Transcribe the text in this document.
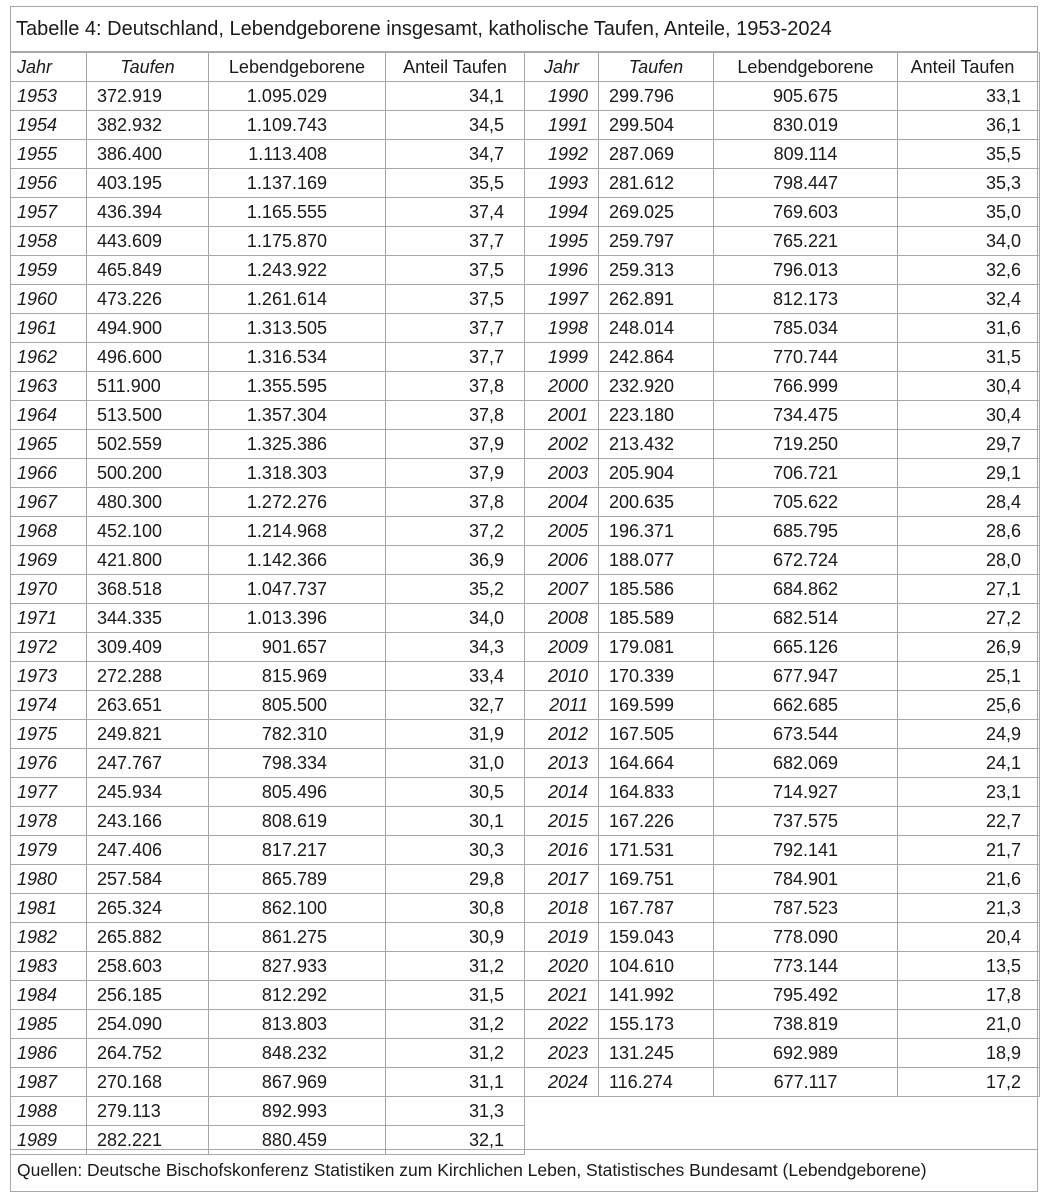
Tabelle 4: Deutschland, Lebendgeborene insgesamt, katholische Taufen, Anteile, 1953-2024
Jahr	Taufen	Lebendgeborene	Anteil Taufen
1953	372.919	1.095.029	34,1
1954	382.932	1.109.743	34,5
1955	386.400	1.113.408	34,7
1956	403.195	1.137.169	35,5
1957	436.394	1.165.555	37,4
1958	443.609	1.175.870	37,7
1959	465.849	1.243.922	37,5
1960	473.226	1.261.614	37,5
1961	494.900	1.313.505	37,7
1962	496.600	1.316.534	37,7
1963	511.900	1.355.595	37,8
1964	513.500	1.357.304	37,8
1965	502.559	1.325.386	37,9
1966	500.200	1.318.303	37,9
1967	480.300	1.272.276	37,8
1968	452.100	1.214.968	37,2
1969	421.800	1.142.366	36,9
1970	368.518	1.047.737	35,2
1971	344.335	1.013.396	34,0
1972	309.409	901.657	34,3
1973	272.288	815.969	33,4
1974	263.651	805.500	32,7
1975	249.821	782.310	31,9
1976	247.767	798.334	31,0
1977	245.934	805.496	30,5
1978	243.166	808.619	30,1
1979	247.406	817.217	30,3
1980	257.584	865.789	29,8
1981	265.324	862.100	30,8
1982	265.882	861.275	30,9
1983	258.603	827.933	31,2
1984	256.185	812.292	31,5
1985	254.090	813.803	31,2
1986	264.752	848.232	31,2
1987	270.168	867.969	31,1
1988	279.113	892.993	31,3
1989	282.221	880.459	32,1
Jahr	Taufen	Lebendgeborene	Anteil Taufen
1990	299.796	905.675	33,1
1991	299.504	830.019	36,1
1992	287.069	809.114	35,5
1993	281.612	798.447	35,3
1994	269.025	769.603	35,0
1995	259.797	765.221	34,0
1996	259.313	796.013	32,6
1997	262.891	812.173	32,4
1998	248.014	785.034	31,6
1999	242.864	770.744	31,5
2000	232.920	766.999	30,4
2001	223.180	734.475	30,4
2002	213.432	719.250	29,7
2003	205.904	706.721	29,1
2004	200.635	705.622	28,4
2005	196.371	685.795	28,6
2006	188.077	672.724	28,0
2007	185.586	684.862	27,1
2008	185.589	682.514	27,2
2009	179.081	665.126	26,9
2010	170.339	677.947	25,1
2011	169.599	662.685	25,6
2012	167.505	673.544	24,9
2013	164.664	682.069	24,1
2014	164.833	714.927	23,1
2015	167.226	737.575	22,7
2016	171.531	792.141	21,7
2017	169.751	784.901	21,6
2018	167.787	787.523	21,3
2019	159.043	778.090	20,4
2020	104.610	773.144	13,5
2021	141.992	795.492	17,8
2022	155.173	738.819	21,0
2023	131.245	692.989	18,9
2024	116.274	677.117	17,2
Quellen: Deutsche Bischofskonferenz Statistiken zum Kirchlichen Leben, Statistisches Bundesamt (Lebendgeborene)
